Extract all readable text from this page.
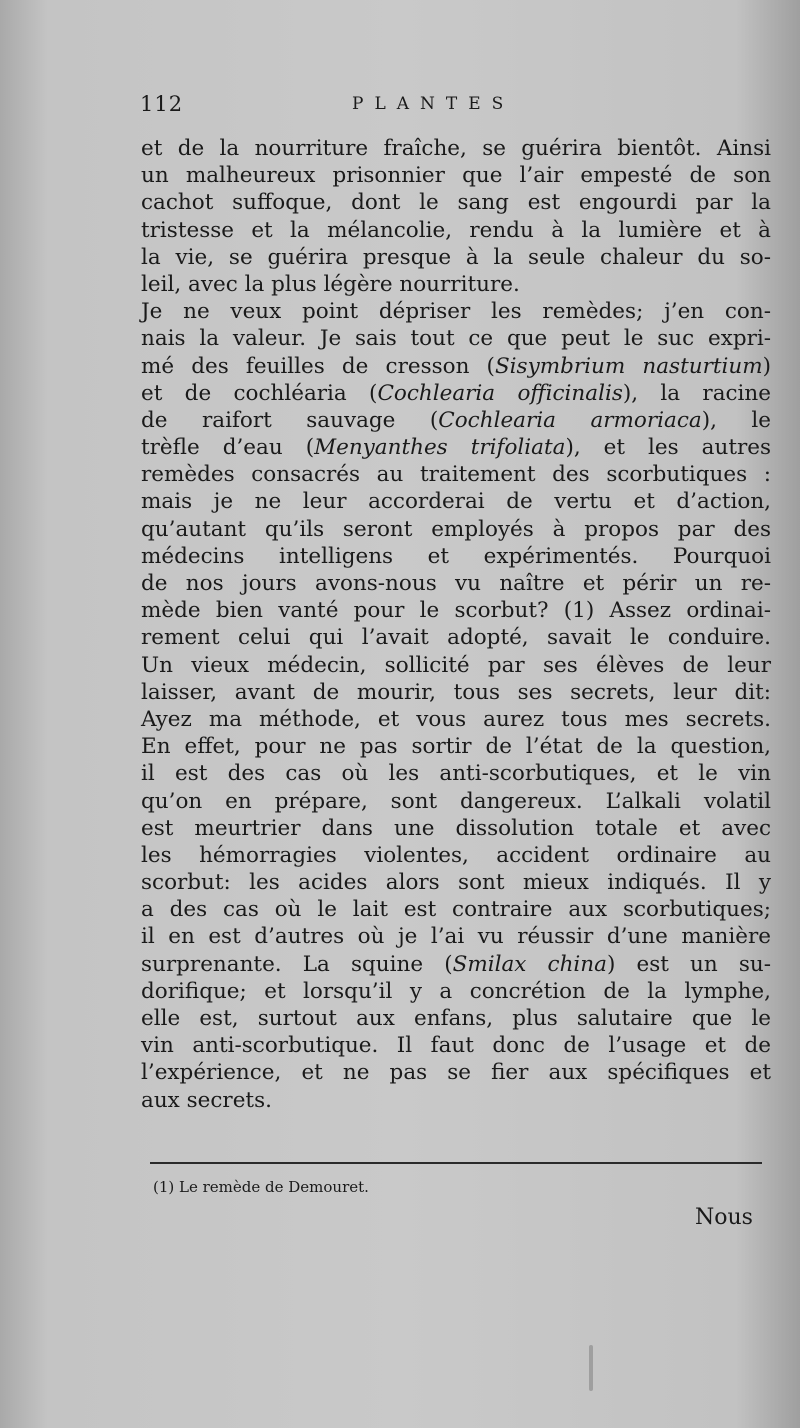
112	PLANTES
et de la nourriture fraîche, se guérira bientôt. Ainsi
un malheureux prisonnier que l’air empesté de son
cachot suffoque, dont le sang est engourdi par la
tristesse et la mélancolie, rendu à la lumière et à
la vie, se guérira presque à la seule chaleur du so-
leil, avec la plus légère nourriture.
Je ne veux point dépriser les remèdes; j’en con-
nais la valeur. Je sais tout ce que peut le suc expri-
mé des feuilles de cresson (Sisymbrium nasturtium)
et de cochléaria (Cochlearia officinalis), la racine
de raifort sauvage (Cochlearia armoriaca), le
trèfle d’eau (Menyanthes trifoliata), et les autres
remèdes consacrés au traitement des scorbutiques :
mais je ne leur accorderai de vertu et d’action,
qu’autant qu’ils seront employés à propos par des
médecins intelligens et expérimentés. Pourquoi
de nos jours avons-nous vu naître et périr un re-
mède bien vanté pour le scorbut? (1) Assez ordinai-
rement celui qui l’avait adopté, savait le conduire.
Un vieux médecin, sollicité par ses élèves de leur
laisser, avant de mourir, tous ses secrets, leur dit:
Ayez ma méthode, et vous aurez tous mes secrets.
En effet, pour ne pas sortir de l’état de la question,
il est des cas où les anti-scorbutiques, et le vin
qu’on en prépare, sont dangereux. L’alkali volatil
est meurtrier dans une dissolution totale et avec
les hémorragies violentes, accident ordinaire au
scorbut: les acides alors sont mieux indiqués. Il y
a des cas où le lait est contraire aux scorbutiques;
il en est d’autres où je l’ai vu réussir d’une manière
surprenante. La squine (Smilax china) est un su-
dorifique; et lorsqu’il y a concrétion de la lymphe,
elle est, surtout aux enfans, plus salutaire que le
vin anti-scorbutique. Il faut donc de l’usage et de
l’expérience, et ne pas se fier aux spécifiques et
aux secrets.
(1) Le remède de Demouret.
Nous
